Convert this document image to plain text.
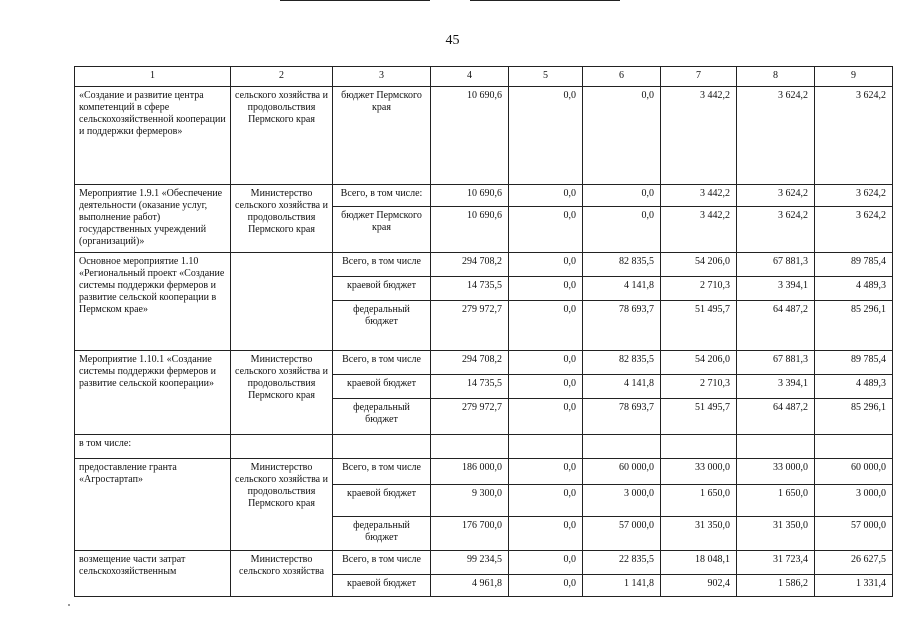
45
1	2	3	4	5	6	7	8	9
«Создание и развитие центра компетенций в сфере сельскохозяйственной кооперации и поддержки фермеров»	сельского хозяйства и продовольствия Пермского края	бюджет Пермского края	10 690,6	0,0	0,0	3 442,2	3 624,2	3 624,2
Мероприятие 1.9.1 «Обеспечение деятельности (оказание услуг, выполнение работ) государственных учреждений (организаций)»	Министерство сельского хозяйства и продовольствия Пермского края	Всего, в том числе:	10 690,6	0,0	0,0	3 442,2	3 624,2	3 624,2
		бюджет Пермского края	10 690,6	0,0	0,0	3 442,2	3 624,2	3 624,2
Основное мероприятие 1.10 «Региональный проект «Создание системы поддержки фермеров и развитие сельской кооперации в Пермском крае»		Всего, в том числе	294 708,2	0,0	82 835,5	54 206,0	67 881,3	89 785,4
		краевой бюджет	14 735,5	0,0	4 141,8	2 710,3	3 394,1	4 489,3
		федеральный бюджет	279 972,7	0,0	78 693,7	51 495,7	64 487,2	85 296,1
Мероприятие 1.10.1 «Создание системы поддержки фермеров и развитие сельской кооперации»	Министерство сельского хозяйства и продовольствия Пермского края	Всего, в том числе	294 708,2	0,0	82 835,5	54 206,0	67 881,3	89 785,4
		краевой бюджет	14 735,5	0,0	4 141,8	2 710,3	3 394,1	4 489,3
		федеральный бюджет	279 972,7	0,0	78 693,7	51 495,7	64 487,2	85 296,1
в том числе:								
предоставление гранта «Агростартап»	Министерство сельского хозяйства и продовольствия Пермского края	Всего, в том числе	186 000,0	0,0	60 000,0	33 000,0	33 000,0	60 000,0
		краевой бюджет	9 300,0	0,0	3 000,0	1 650,0	1 650,0	3 000,0
		федеральный бюджет	176 700,0	0,0	57 000,0	31 350,0	31 350,0	57 000,0
возмещение части затрат сельскохозяйственным	Министерство сельского хозяйства	Всего, в том числе	99 234,5	0,0	22 835,5	18 048,1	31 723,4	26 627,5
		краевой бюджет	4 961,8	0,0	1 141,8	902,4	1 586,2	1 331,4
